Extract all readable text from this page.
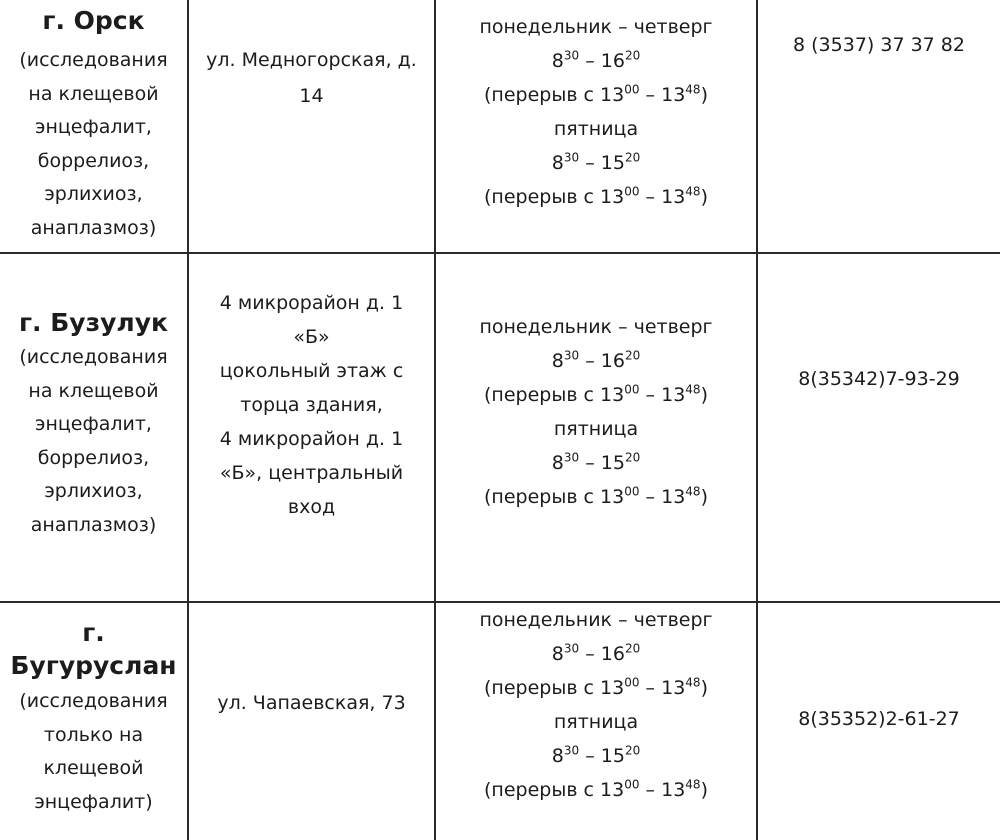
г. Орск
(исследования
на клещевой
энцефалит,
боррелиоз,
эрлихиоз,
анаплазмоз)
ул. Медногорская, д.
14
понедельник – четверг
$8^{30} - 16^{20}$
(перерыв с $13^{00} - 13^{48}$)
пятница
$8^{30} - 15^{20}$
(перерыв с $13^{00} - 13^{48}$)
8 (3537) 37 37 82
г. Бузулук
(исследования
на клещевой
энцефалит,
боррелиоз,
эрлихиоз,
анаплазмоз)
4 микрорайон д. 1
«Б»
цокольный этаж с
торца здания,
4 микрорайон д. 1
«Б», центральный
вход
понедельник – четверг
$8^{30} - 16^{20}$
(перерыв с $13^{00} - 13^{48}$)
пятница
$8^{30} - 15^{20}$
(перерыв с $13^{00} - 13^{48}$)
8(35342)7-93-29
г.
Бугуруслан
(исследования
только на
клещевой
энцефалит)
ул. Чапаевская, 73
понедельник – четверг
$8^{30} - 16^{20}$
(перерыв с $13^{00} - 13^{48}$)
пятница
$8^{30} - 15^{20}$
(перерыв с $13^{00} - 13^{48}$)
8(35352)2-61-27
